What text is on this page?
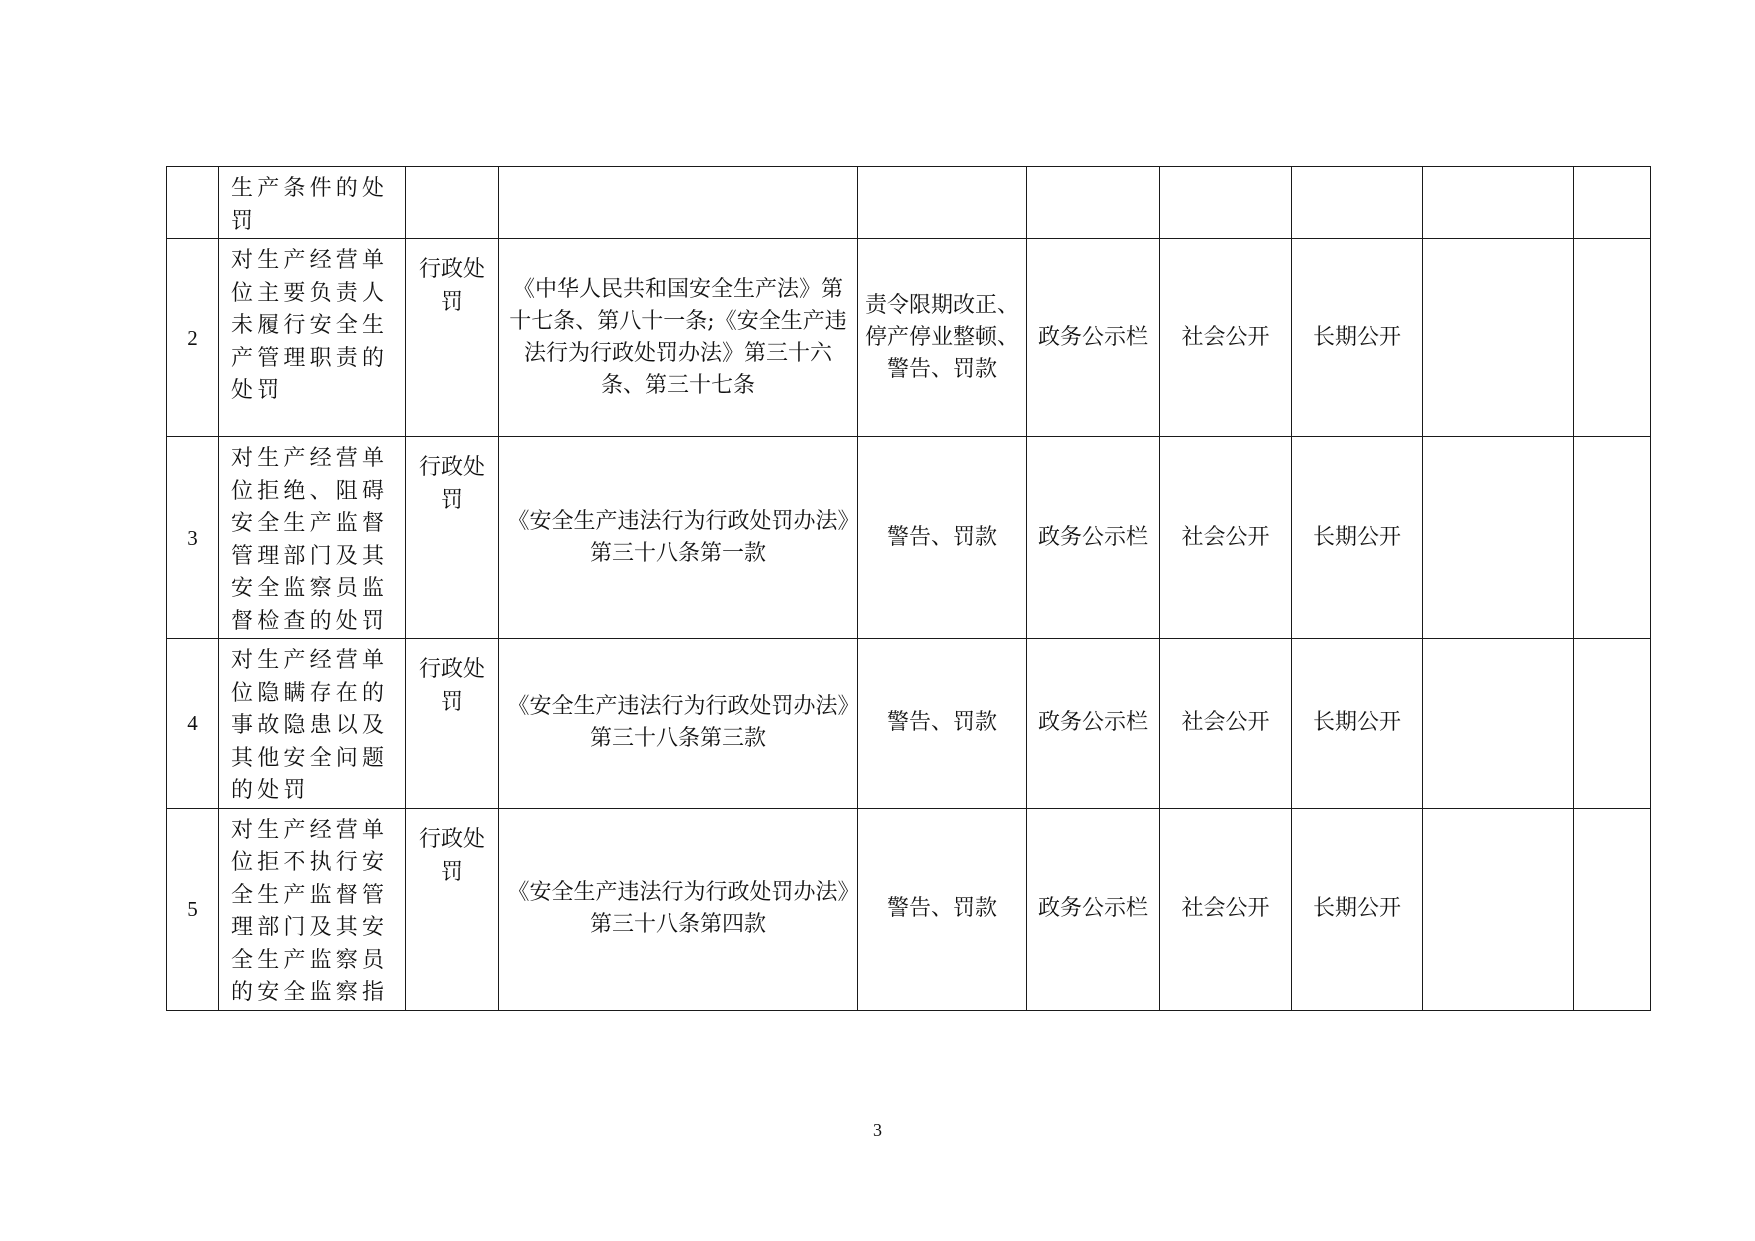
	生产条件的处罚								
2	对生产经营单位主要负责人未履行安全生产管理职责的处罚	行政处罚	《中华人民共和国安全生产法》第十七条、第八十一条;《安全生产违法行为行政处罚办法》第三十六条、第三十七条	责令限期改正、停产停业整顿、警告、罚款	政务公示栏	社会公开	长期公开		
3	对生产经营单位拒绝、阻碍安全生产监督管理部门及其安全监察员监督检查的处罚	行政处罚	《安全生产违法行为行政处罚办法》第三十八条第一款	警告、罚款	政务公示栏	社会公开	长期公开		
4	对生产经营单位隐瞒存在的事故隐患以及其他安全问题的处罚	行政处罚	《安全生产违法行为行政处罚办法》第三十八条第三款	警告、罚款	政务公示栏	社会公开	长期公开		
5	对生产经营单位拒不执行安全生产监督管理部门及其安全生产监察员的安全监察指	行政处罚	《安全生产违法行为行政处罚办法》第三十八条第四款	警告、罚款	政务公示栏	社会公开	长期公开		
3
